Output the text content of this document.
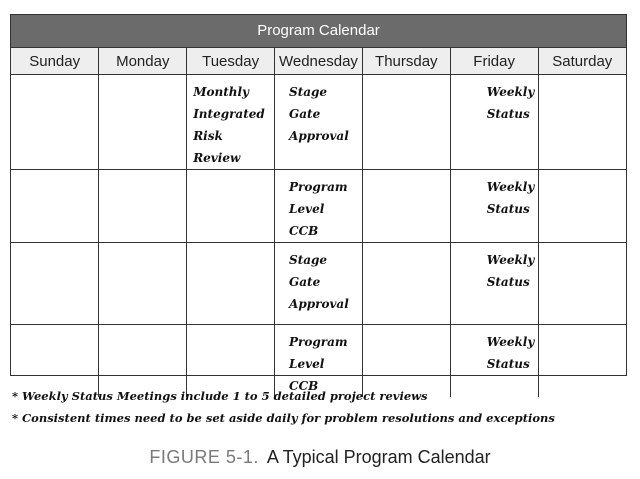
Program Calendar
Sunday	Monday	Tuesday	Wednesday	Thursday	Friday	Saturday

		Monthly
Integrated
Risk Review	Stage Gate
Approval		Weekly
Status	

			Program
Level CCB		Weekly
Status	

			Stage Gate
Approval		Weekly
Status	

			Program
Level CCB		Weekly
Status	

* Weekly Status Meetings include 1 to 5 detailed project reviews
* Consistent times need to be set aside daily for problem resolutions and exceptions
FIGURE 5-1. A Typical Program Calendar
